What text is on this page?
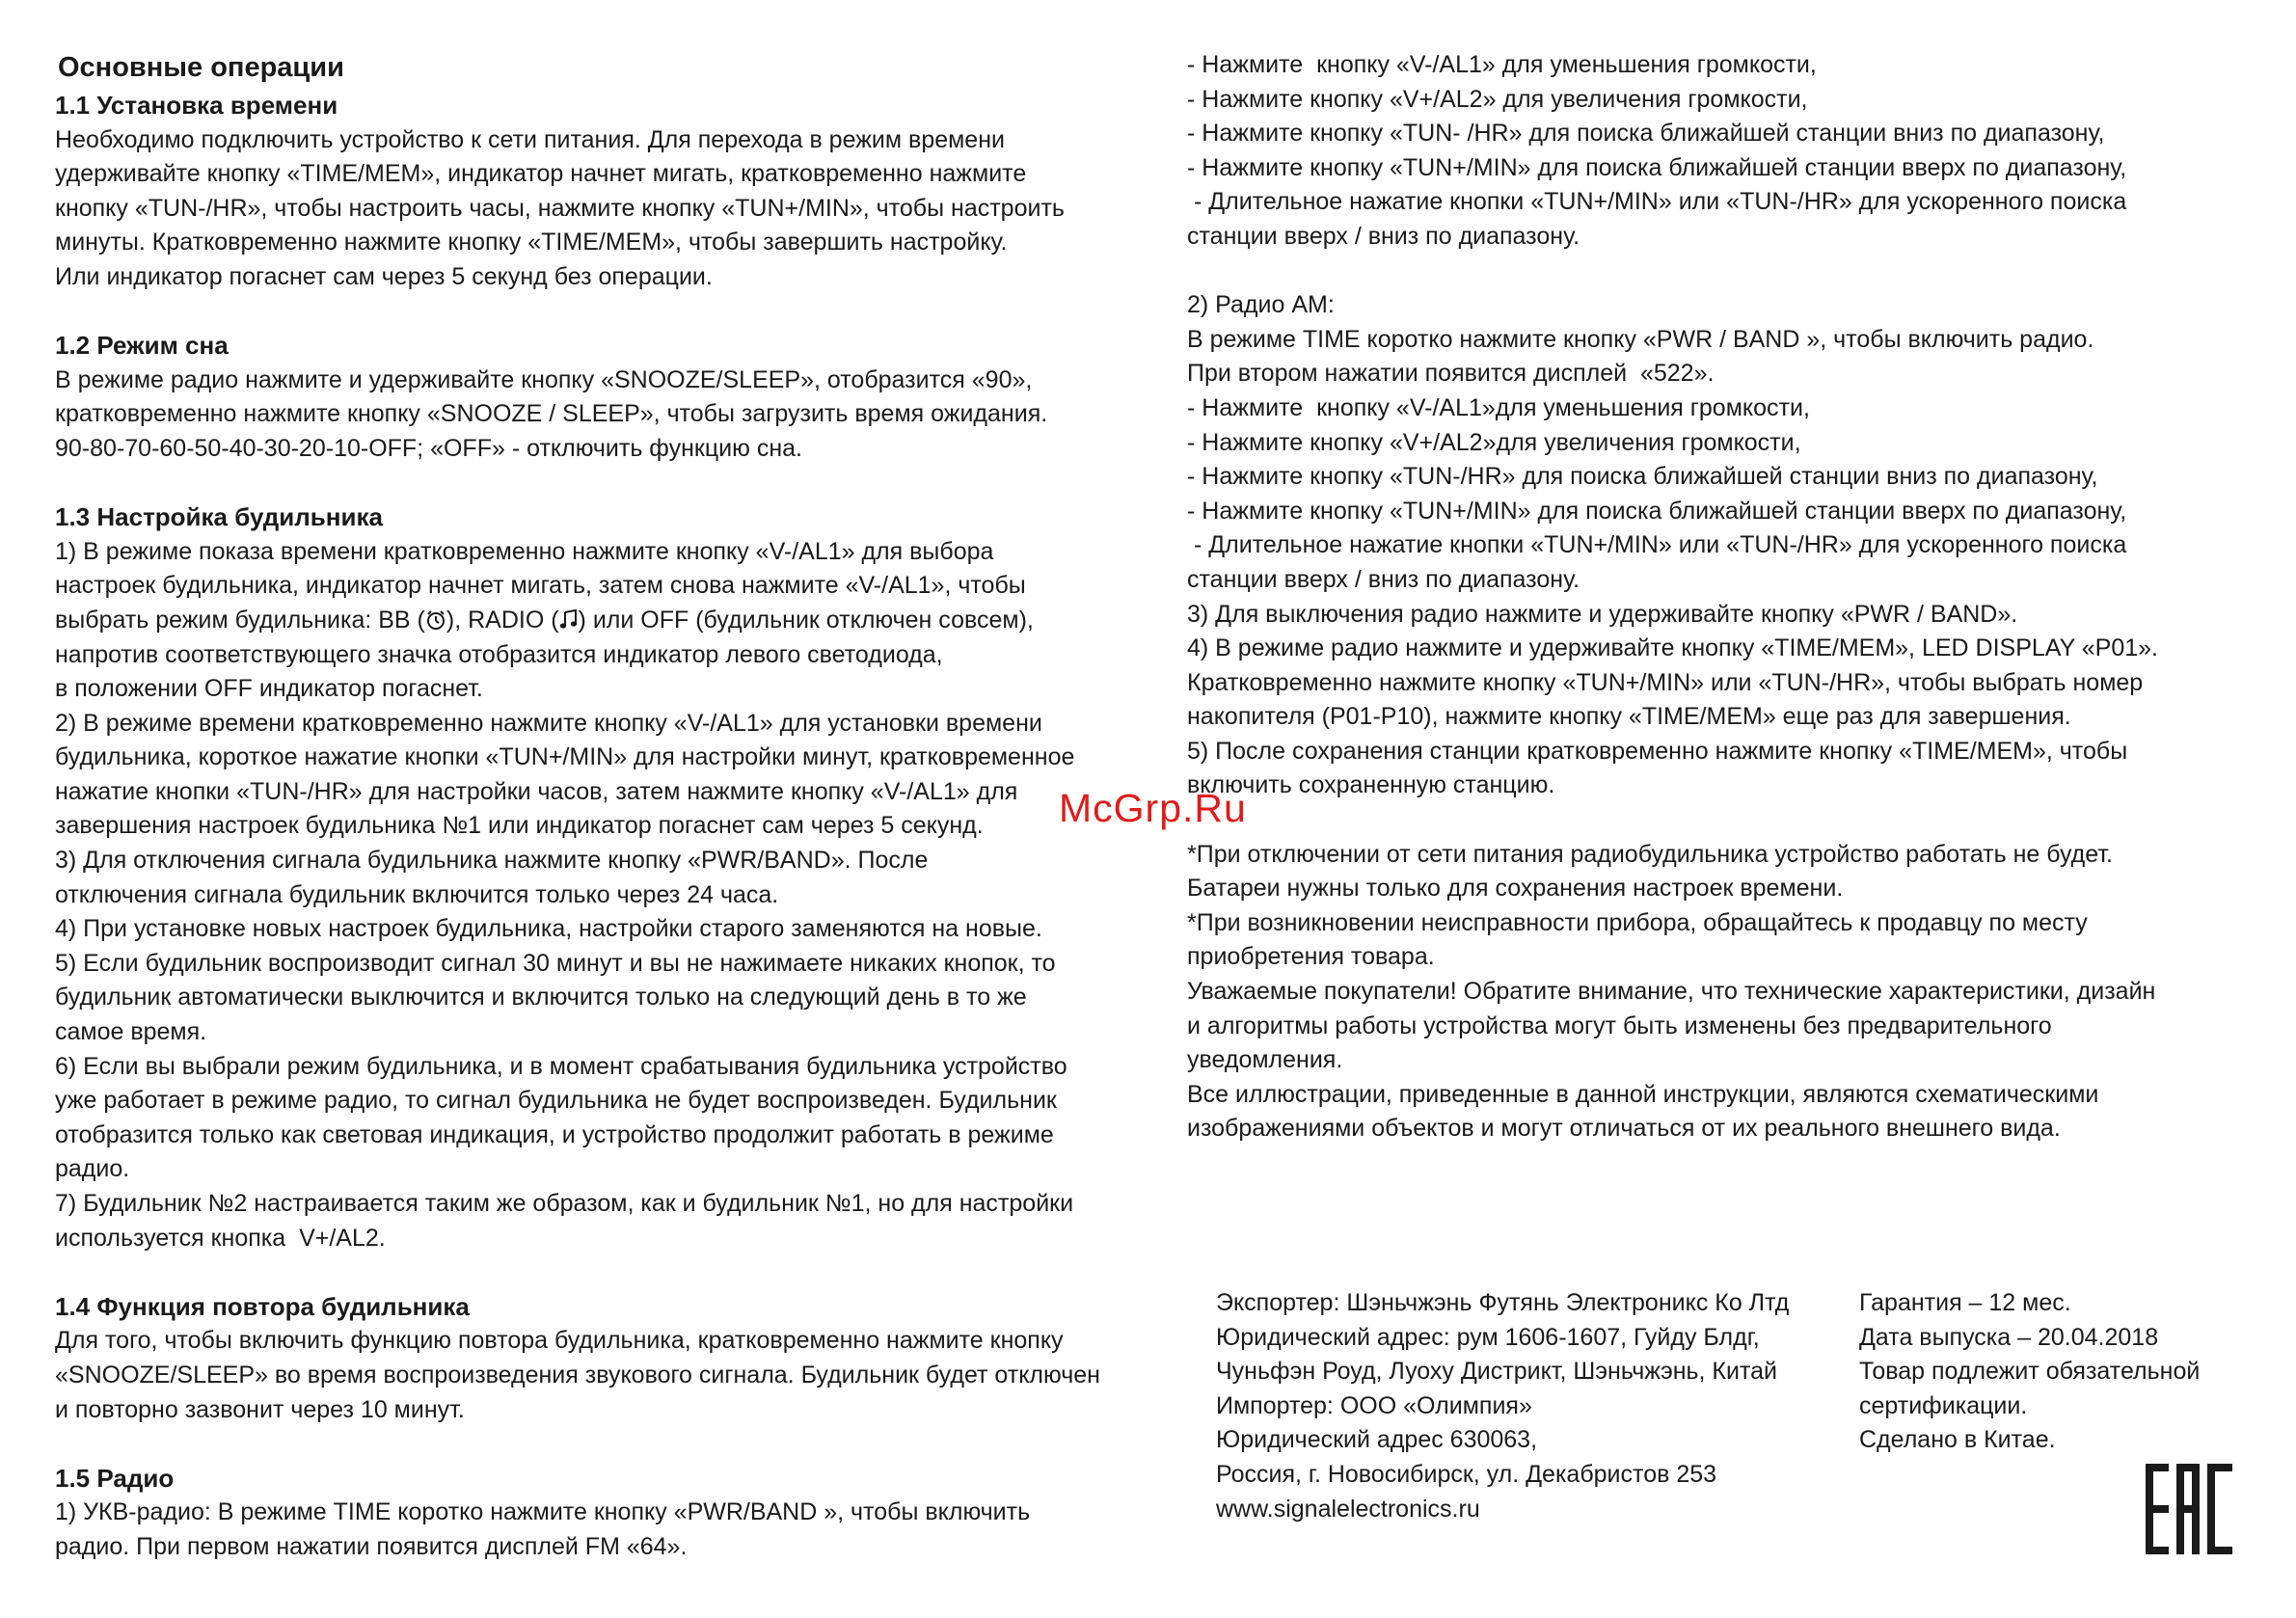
Основные операции
1.1 Установка времени
Необходимо подключить устройство к сети питания. Для перехода в режим времени
удерживайте кнопку «TIME/MEM», индикатор начнет мигать, кратковременно нажмите
кнопку «TUN-/HR», чтобы настроить часы, нажмите кнопку «TUN+/MIN», чтобы настроить
минуты. Кратковременно нажмите кнопку «TIME/MEM», чтобы завершить настройку.
Или индикатор погаснет сам через 5 секунд без операции.
1.2 Режим сна
В режиме радио нажмите и удерживайте кнопку «SNOOZE/SLEEP», отобразится «90»,
кратковременно нажмите кнопку «SNOOZE / SLEEP», чтобы загрузить время ожидания.
90-80-70-60-50-40-30-20-10-OFF; «OFF» - отключить функцию сна.
1.3 Настройка будильника
1) В режиме показа времени кратковременно нажмите кнопку «V-/AL1» для выбора
настроек будильника, индикатор начнет мигать, затем снова нажмите «V-/AL1», чтобы
выбрать режим будильника: BB ( ), RADIO ( ) или OFF (будильник отключен совсем),
напротив соответствующего значка отобразится индикатор левого светодиода,
в положении OFF индикатор погаснет.
2) В режиме времени кратковременно нажмите кнопку «V-/AL1» для установки времени
будильника, короткое нажатие кнопки «TUN+/MIN» для настройки минут, кратковременное
нажатие кнопки «TUN-/HR» для настройки часов, затем нажмите кнопку «V-/AL1» для
завершения настроек будильника №1 или индикатор погаснет сам через 5 секунд.
3) Для отключения сигнала будильника нажмите кнопку «PWR/BAND». После
отключения сигнала будильник включится только через 24 часа.
4) При установке новых настроек будильника, настройки старого заменяются на новые.
5) Если будильник воспроизводит сигнал 30 минут и вы не нажимаете никаких кнопок, то
будильник автоматически выключится и включится только на следующий день в то же
самое время.
6) Если вы выбрали режим будильника, и в момент срабатывания будильника устройство
уже работает в режиме радио, то сигнал будильника не будет воспроизведен. Будильник
отобразится только как световая индикация, и устройство продолжит работать в режиме
радио.
7) Будильник №2 настраивается таким же образом, как и будильник №1, но для настройки
используется кнопка  V+/AL2.
1.4 Функция повтора будильника
Для того, чтобы включить функцию повтора будильника, кратковременно нажмите кнопку
«SNOOZE/SLEEP» во время воспроизведения звукового сигнала. Будильник будет отключен
и повторно зазвонит через 10 минут.
1.5 Радио
1) УКВ-радио: В режиме TIME коротко нажмите кнопку «PWR/BAND », чтобы включить
радио. При первом нажатии появится дисплей FM «64».
- Нажмите  кнопку «V-/AL1» для уменьшения громкости,
- Нажмите кнопку «V+/AL2» для увеличения громкости,
- Нажмите кнопку «TUN- /HR» для поиска ближайшей станции вниз по диапазону,
- Нажмите кнопку «TUN+/MIN» для поиска ближайшей станции вверх по диапазону,
- Длительное нажатие кнопки «TUN+/MIN» или «TUN-/HR» для ускоренного поиска
станции вверх / вниз по диапазону.
2) Радио AM:
В режиме TIME коротко нажмите кнопку «PWR / BAND », чтобы включить радио.
При втором нажатии появится дисплей  «522».
- Нажмите  кнопку «V-/AL1»для уменьшения громкости,
- Нажмите кнопку «V+/AL2»для увеличения громкости,
- Нажмите кнопку «TUN-/HR» для поиска ближайшей станции вниз по диапазону,
- Нажмите кнопку «TUN+/MIN» для поиска ближайшей станции вверх по диапазону,
- Длительное нажатие кнопки «TUN+/MIN» или «TUN-/HR» для ускоренного поиска
станции вверх / вниз по диапазону.
3) Для выключения радио нажмите и удерживайте кнопку «PWR / BAND».
4) В режиме радио нажмите и удерживайте кнопку «TIME/MEM», LED DISPLAY «P01».
Кратковременно нажмите кнопку «TUN+/MIN» или «TUN-/HR», чтобы выбрать номер
накопителя (P01-P10), нажмите кнопку «TIME/MEM» еще раз для завершения.
5) После сохранения станции кратковременно нажмите кнопку «TIME/MEM», чтобы
включить сохраненную станцию.
*При отключении от сети питания радиобудильника устройство работать не будет.
Батареи нужны только для сохранения настроек времени.
*При возникновении неисправности прибора, обращайтесь к продавцу по месту
приобретения товара.
Уважаемые покупатели! Обратите внимание, что технические характеристики, дизайн
и алгоритмы работы устройства могут быть изменены без предварительного
уведомления.
Все иллюстрации, приведенные в данной инструкции, являются схематическими
изображениями объектов и могут отличаться от их реального внешнего вида.
McGrp.Ru
Экспортер: Шэньчжэнь Футянь Электроникс Ко Лтд
Юридический адрес: рум 1606-1607, Гуйду Блдг,
Чуньфэн Роуд, Луоху Дистрикт, Шэньчжэнь, Китай
Импортер: ООО «Олимпия»
Юридический адрес 630063,
Россия, г. Новосибирск, ул. Декабристов 253
www.signalelectronics.ru
Гарантия – 12 мес.
Дата выпуска – 20.04.2018
Товар подлежит обязательной
сертификации.
Сделано в Китае.
